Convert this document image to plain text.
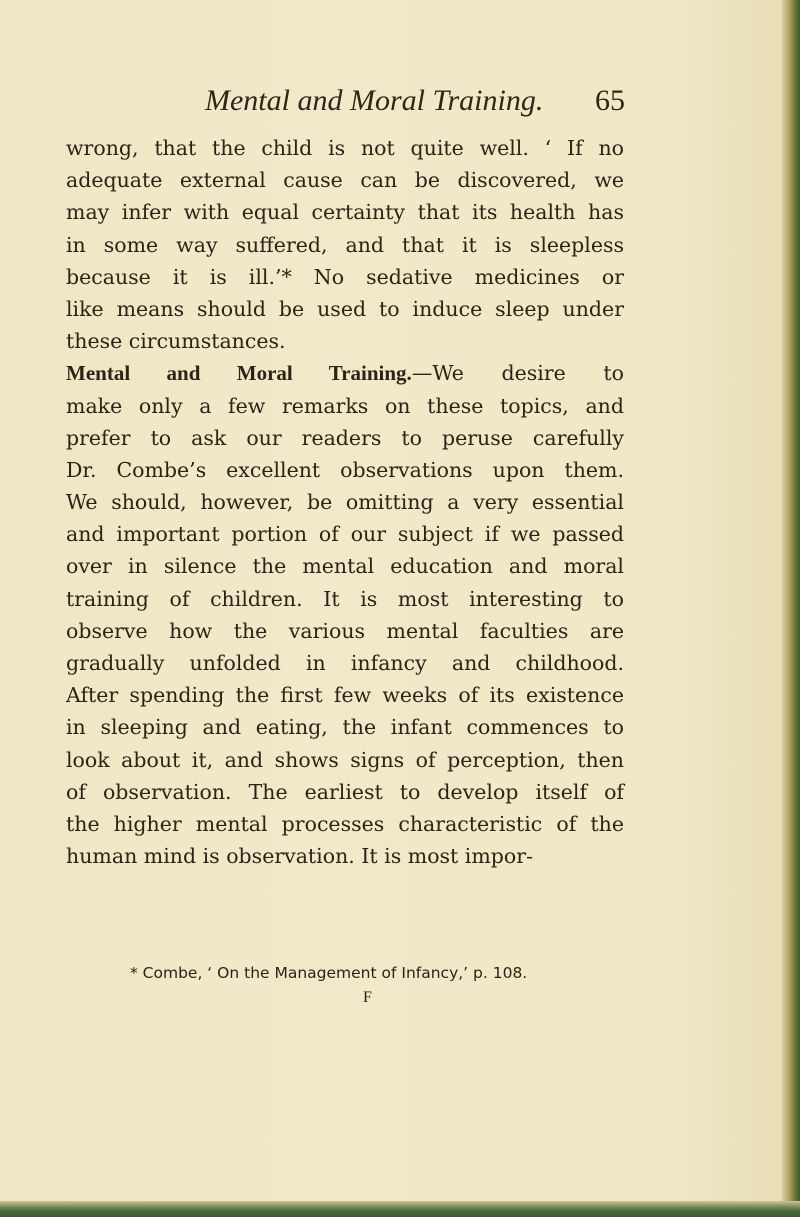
Mental and Moral Training. 65
wrong, that the child is not quite well. ‘ If no
adequate external cause can be discovered, we
may infer with equal certainty that its health has
in some way suffered, and that it is sleepless
because it is ill.’* No sedative medicines or
like means should be used to induce sleep under
these circumstances.
Mental and Moral Training.—We desire to
make only a few remarks on these topics, and
prefer to ask our readers to peruse carefully
Dr. Combe’s excellent observations upon them.
We should, however, be omitting a very essential
and important portion of our subject if we passed
over in silence the mental education and moral
training of children. It is most interesting to
observe how the various mental faculties are
gradually unfolded in infancy and childhood.
After spending the first few weeks of its existence
in sleeping and eating, the infant commences to
look about it, and shows signs of perception, then
of observation. The earliest to develop itself of
the higher mental processes characteristic of the
human mind is observation. It is most impor-
* Combe, ‘ On the Management of Infancy,’ p. 108.
F
